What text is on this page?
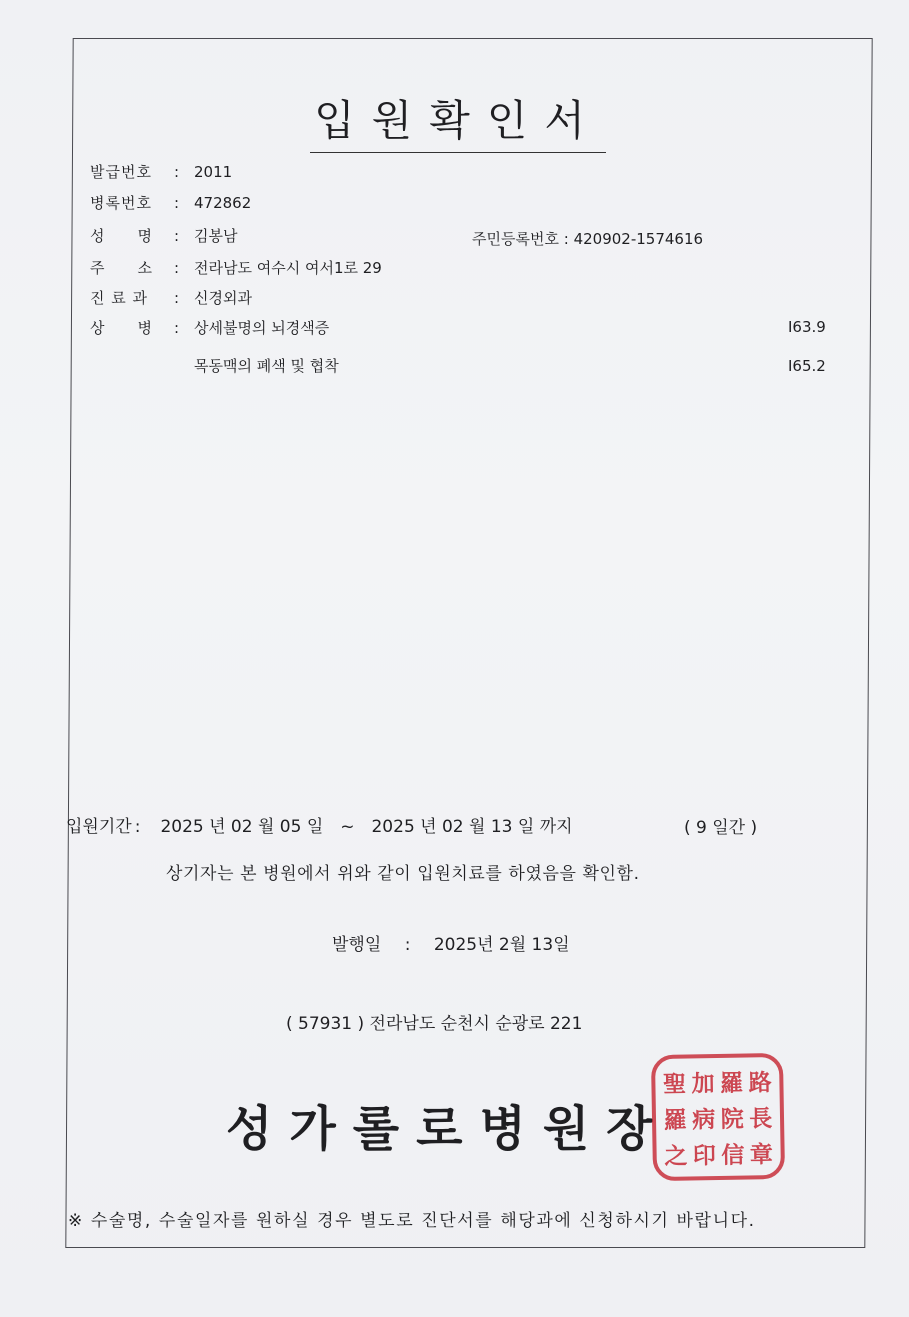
입원확인서
발급번호 : 2011
병록번호 : 472862
성　　명 : 김봉남	주민등록번호 : 420902-1574616
주　　소 : 전라남도 여수시 여서1로 29
진 료 과 : 신경외과
상　　병 : 상세불명의 뇌경색증	I63.9
목동맥의 폐색 및 협착	I65.2
입원기간 : 2025 년 02 월 05 일　~　2025 년 02 월 13 일 까지	( 9 일간 )
상기자는 본 병원에서 위와 같이 입원치료를 하였음을 확인함.
발행일 : 2025년 2월 13일
( 57931 ) 전라남도 순천시 순광로 221
성가롤로병원장
聖 加 羅 路
羅 病 院 長
之 印 信 章
※ 수술명, 수술일자를 원하실 경우 별도로 진단서를 해당과에 신청하시기 바랍니다.
